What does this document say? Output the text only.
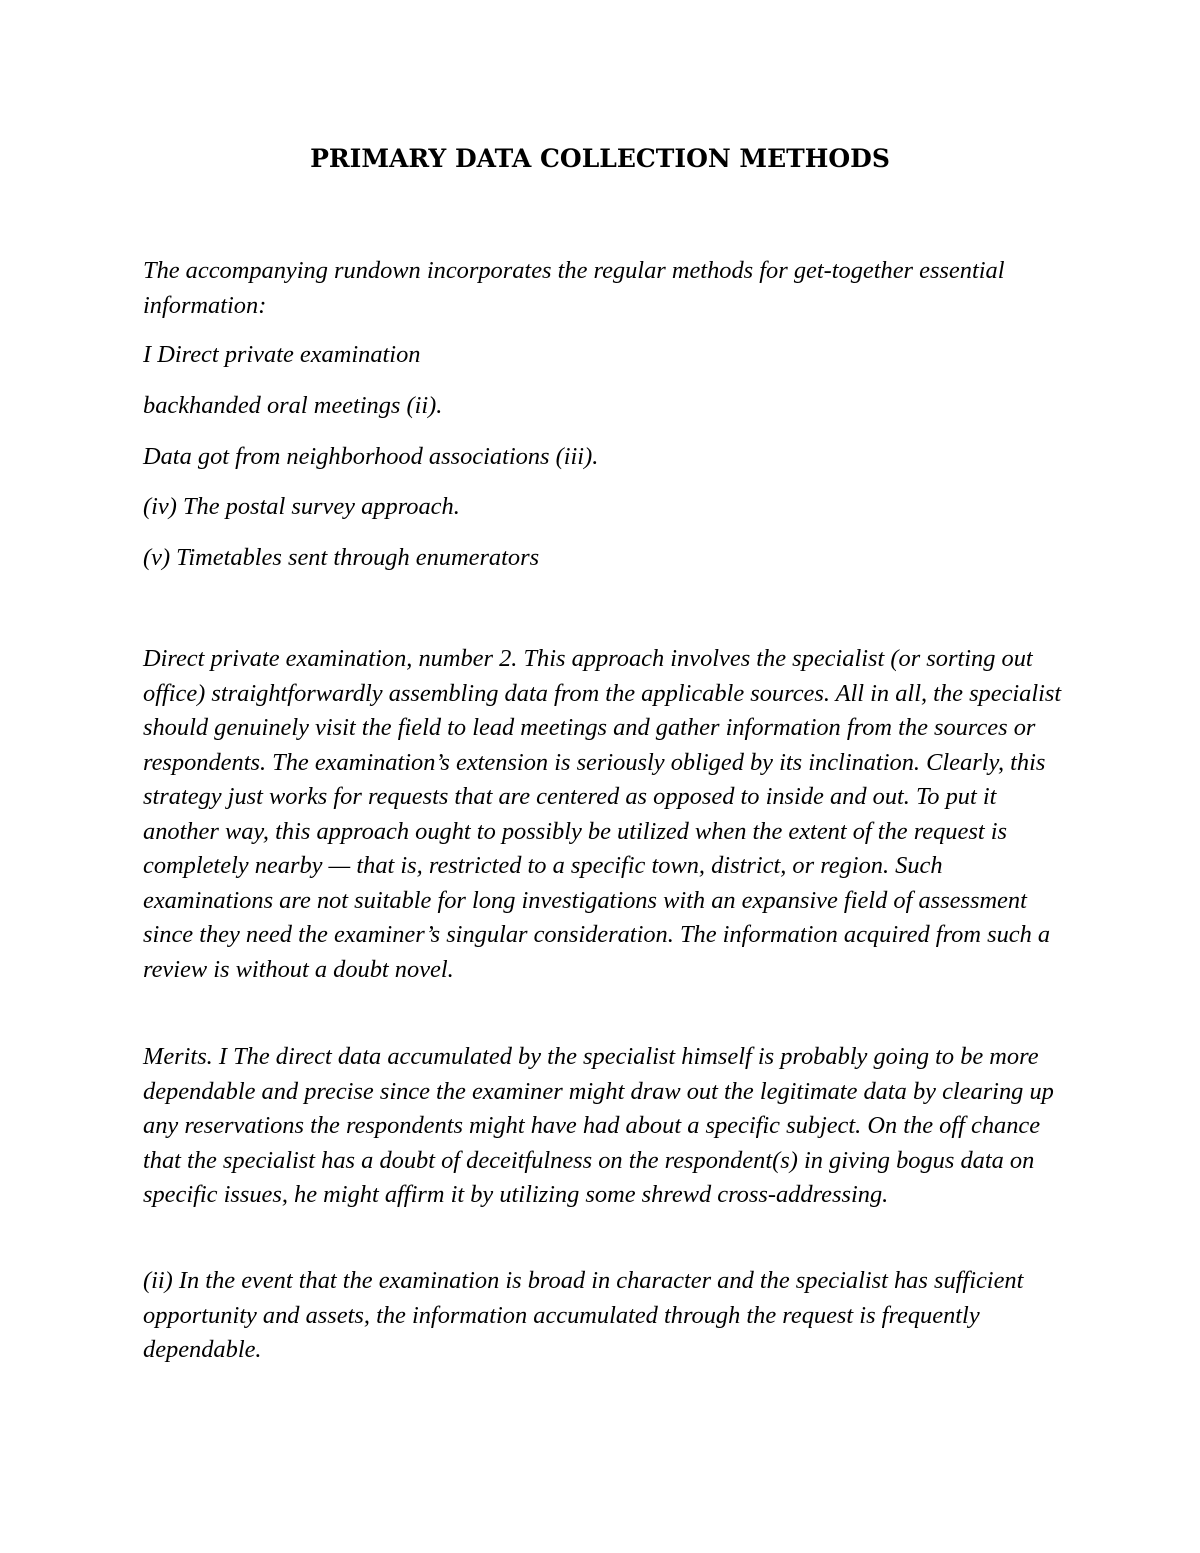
PRIMARY DATA COLLECTION METHODS

The accompanying rundown incorporates the regular methods for get-together essential information:

I Direct private examination

backhanded oral meetings (ii).

Data got from neighborhood associations (iii).

(iv) The postal survey approach.

(v) Timetables sent through enumerators

Direct private examination, number 2. This approach involves the specialist (or sorting out office) straightforwardly assembling data from the applicable sources. All in all, the specialist should genuinely visit the field to lead meetings and gather information from the sources or respondents. The examination’s extension is seriously obliged by its inclination. Clearly, this strategy just works for requests that are centered as opposed to inside and out. To put it another way, this approach ought to possibly be utilized when the extent of the request is completely nearby — that is, restricted to a specific town, district, or region. Such examinations are not suitable for long investigations with an expansive field of assessment since they need the examiner’s singular consideration. The information acquired from such a review is without a doubt novel.

Merits. I The direct data accumulated by the specialist himself is probably going to be more dependable and precise since the examiner might draw out the legitimate data by clearing up any reservations the respondents might have had about a specific subject. On the off chance that the specialist has a doubt of deceitfulness on the respondent(s) in giving bogus data on specific issues, he might affirm it by utilizing some shrewd cross-addressing.

(ii) In the event that the examination is broad in character and the specialist has sufficient opportunity and assets, the information accumulated through the request is frequently dependable.
